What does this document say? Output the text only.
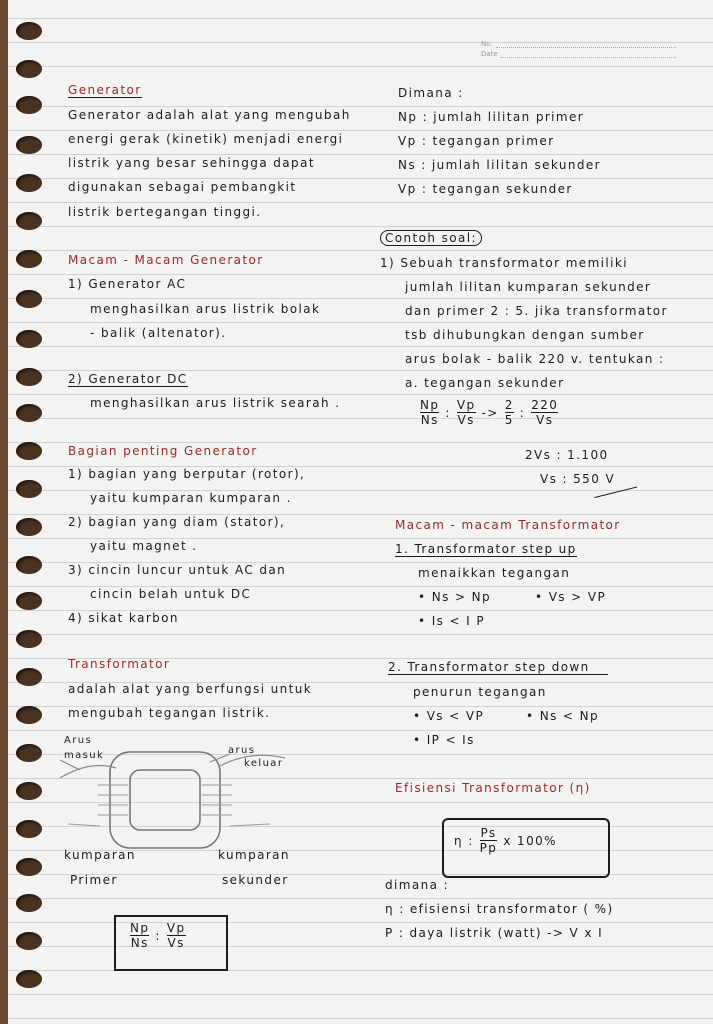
No.
Date
Generator
Generator adalah alat yang mengubah
energi gerak (kinetik) menjadi energi
listrik yang besar sehingga dapat
digunakan sebagai pembangkit
listrik bertegangan tinggi.
Macam - Macam Generator
1) Generator AC
menghasilkan arus listrik bolak
- balik (altenator).
2) Generator DC
menghasilkan arus listrik searah .
Bagian penting Generator
1) bagian yang berputar (rotor),
yaitu kumparan kumparan .
2) bagian yang diam (stator),
yaitu magnet .
3) cincin luncur untuk AC dan
cincin belah untuk DC
4) sikat karbon
Transformator
adalah alat yang berfungsi untuk
mengubah tegangan listrik.
Arus
masuk	arus
keluar
kumparan
Primer
kumparan
sekunder
Np
Ns
:
Vp
Vs
Dimana :
Np : jumlah lilitan primer
Vp : tegangan primer
Ns : jumlah lilitan sekunder
Vp : tegangan sekunder
Contoh soal:
1) Sebuah transformator memiliki
jumlah lilitan kumparan sekunder
dan primer 2 : 5. jika transformator
tsb dihubungkan dengan sumber
arus bolak - balik 220 v. tentukan :
a. tegangan sekunder
Np
Ns
:
Vp
Vs
->
2
5
:
220
Vs
2Vs : 1.100
Vs : 550 V
Macam - macam Transformator
1. Transformator step up
menaikkan tegangan
• Ns > Np	• Vs > VP
• Is < I P
2. Transformator step down
penurun tegangan
• Vs < VP	• Ns < Np
• IP < Is
Efisiensi Transformator (η)
η :
Ps
Pp
x 100%
dimana :
η : efisiensi transformator ( %)
P : daya listrik (watt) -> V x I
